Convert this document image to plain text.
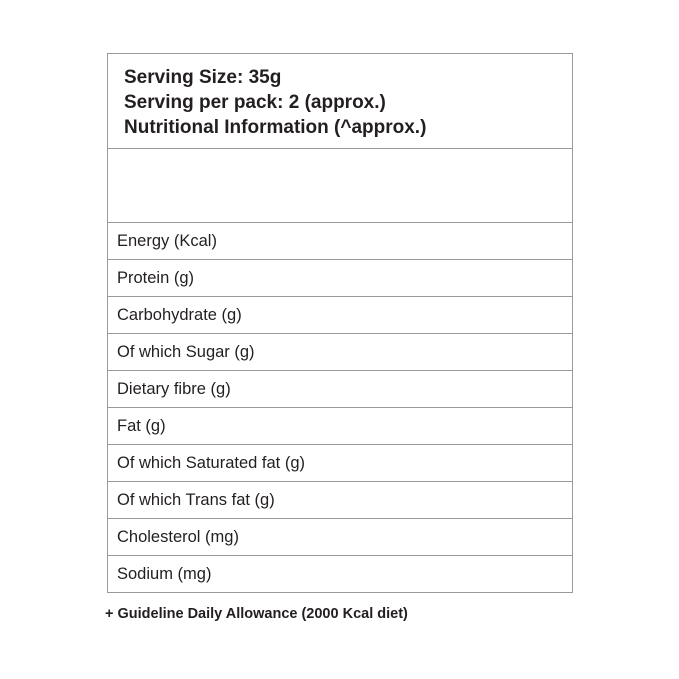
Serving Size: 35g
Serving per pack: 2 (approx.)
Nutritional Information (^approx.)
Energy (Kcal)
Protein (g)
Carbohydrate (g)
Of which Sugar (g)
Dietary fibre (g)
Fat (g)
Of which Saturated fat (g)
Of which Trans fat (g)
Cholesterol (mg)
Sodium (mg)
+ Guideline Daily Allowance (2000 Kcal diet)
